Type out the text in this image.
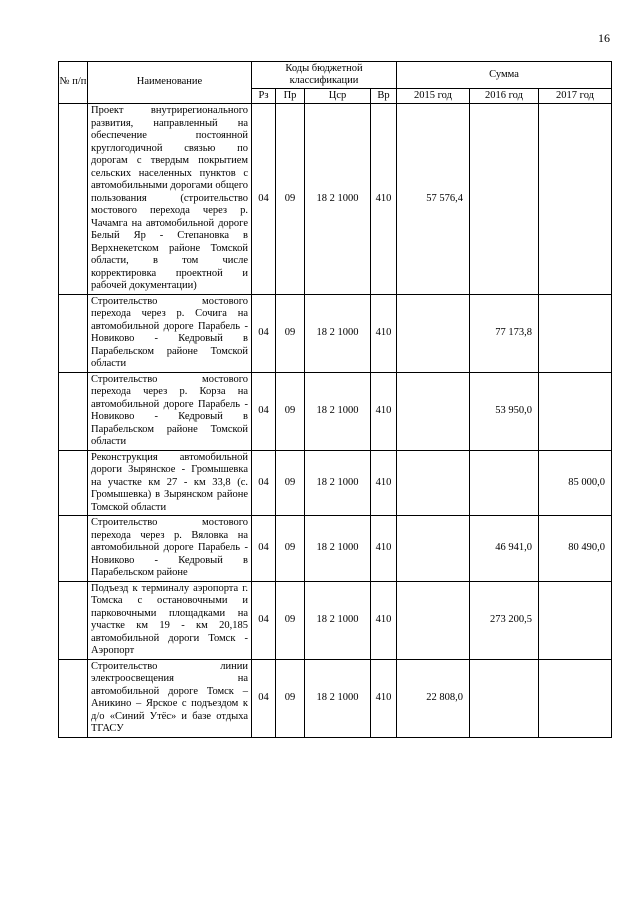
16
№ п/п	Наименование	Коды бюджетной классификации				Сумма		
		Рз	Пр	Цср	Вр	2015 год	2016 год	2017 год
	Проект внутрирегионального развития, направленный на обеспечение постоянной круглогодичной связью по дорогам с твердым покрытием сельских населенных пунктов с автомобильными дорогами общего пользования (строительство мостового перехода через р. Чачамга на автомобильной дороге Белый Яр - Степановка в Верхнекетском районе Томской области, в том числе корректировка проектной и рабочей документации)	04	09	18 2 1000	410	57 576,4		
	Строительство мостового перехода через р. Сочига на автомобильной дороге Парабель - Новиково - Кедровый в Парабельском районе Томской области	04	09	18 2 1000	410		77 173,8	
	Строительство мостового перехода через р. Корза на автомобильной дороге Парабель - Новиково - Кедровый в Парабельском районе Томской области	04	09	18 2 1000	410		53 950,0	
	Реконструкция автомобильной дороги Зырянское - Громышевка на участке км 27 - км 33,8 (с. Громышевка) в Зырянском районе Томской области	04	09	18 2 1000	410			85 000,0
	Строительство мостового перехода через р. Вяловка на автомобильной дороге Парабель - Новиково - Кедровый в Парабельском районе	04	09	18 2 1000	410		46 941,0	80 490,0
	Подъезд к терминалу аэропорта г. Томска с остановочными и парковочными площадками на участке км 19 - км 20,185 автомобильной дороги Томск - Аэропорт	04	09	18 2 1000	410		273 200,5	
	Строительство линии электроосвещения на автомобильной дороге Томск – Аникино – Ярское с подъездом к д/о «Синий Утёс» и базе отдыха ТГАСУ	04	09	18 2 1000	410	22 808,0		
